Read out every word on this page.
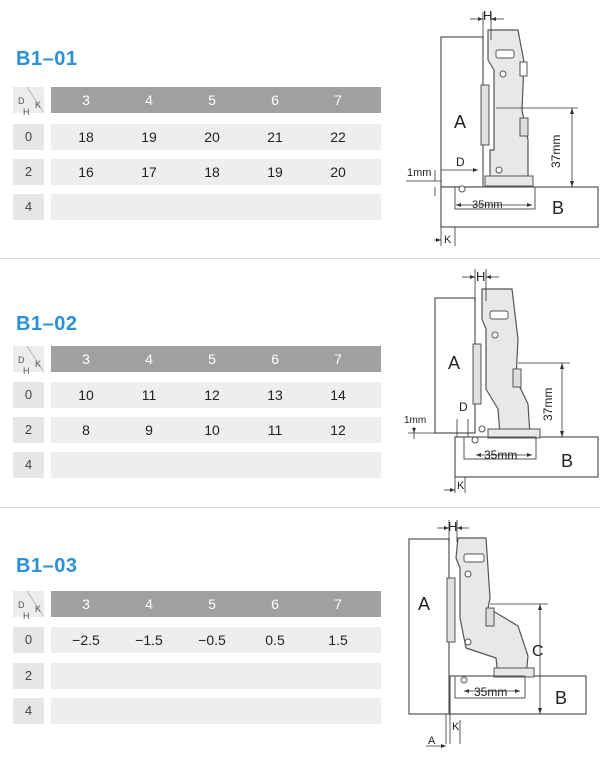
B1–01
D
H
K	3	4	5	6	7
0	18	19	20	21	22
2	16	17	18	19	20
4
H
37mm
D
1mm
35mm
K
A
B
B1–02
D
H
K	3	4	5	6	7
0	10	11	12	13	14
2	8	9	10	11	12
4
H
37mm
D
1mm
35mm
K
A
B
B1–03
D
H
K	3	4	5	6	7
0	−2.5	−1.5	−0.5	0.5	1.5
2
4
H
C
35mm
K
A
A
B
